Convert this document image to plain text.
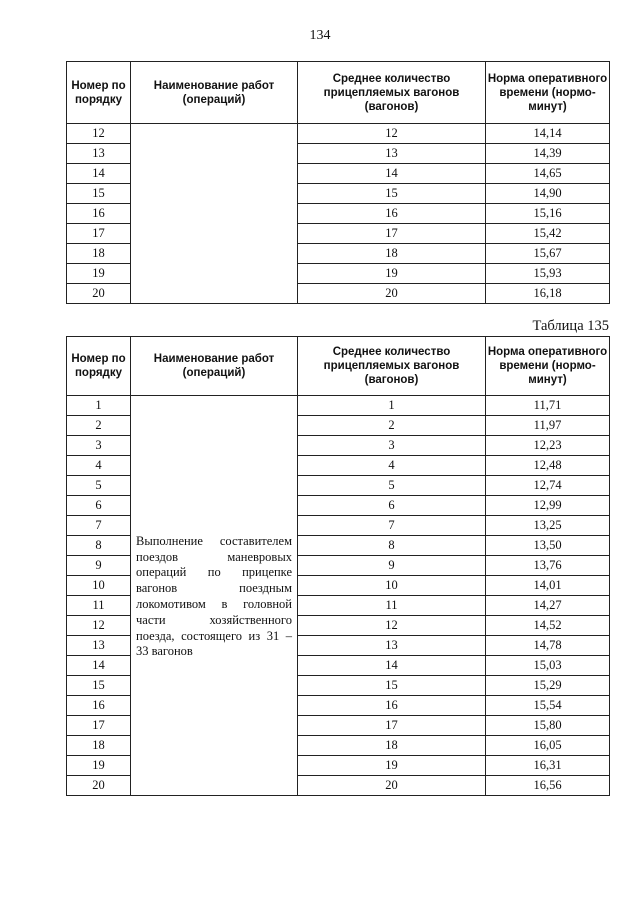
134
Номер по порядку	Наименование работ (операций)	Среднее количество прицепляемых вагонов (вагонов)	Норма оперативного времени (нормо-минут)
12		12	14,14
13		13	14,39
14		14	14,65
15		15	14,90
16		16	15,16
17		17	15,42
18		18	15,67
19		19	15,93
20		20	16,18
Таблица 135
Номер по порядку	Наименование работ (операций)	Среднее количество прицепляемых вагонов (вагонов)	Норма оперативного времени (нормо-минут)
1	Выполнение составителем поездов маневровых операций по прицепке вагонов поездным локомотивом в головной части хозяйственного поезда, состоящего из 31 – 33 вагонов	1	11,71
2		2	11,97
3		3	12,23
4		4	12,48
5		5	12,74
6		6	12,99
7		7	13,25
8		8	13,50
9		9	13,76
10		10	14,01
11		11	14,27
12		12	14,52
13		13	14,78
14		14	15,03
15		15	15,29
16		16	15,54
17		17	15,80
18		18	16,05
19		19	16,31
20		20	16,56
